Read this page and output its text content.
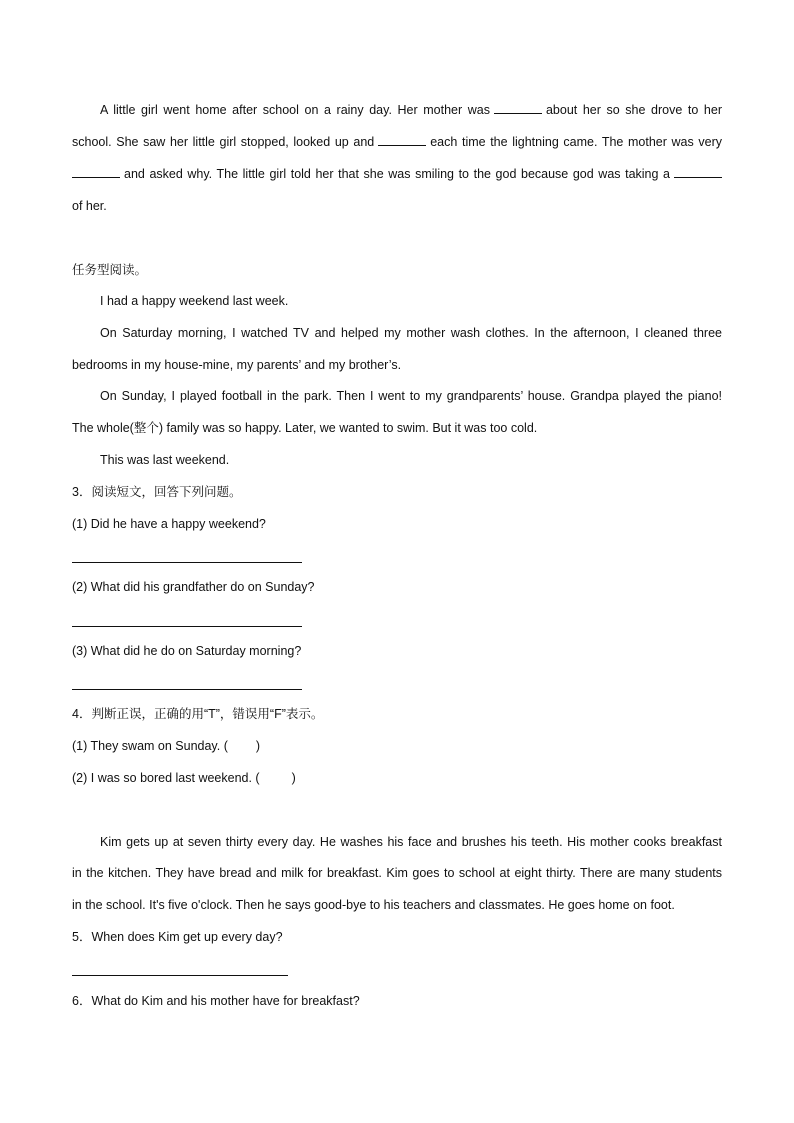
A little girl went home after school on a rainy day. Her mother was	about her so she drove to her
school. She saw her little girl stopped, looked up and	each time the lightning came. The mother was very
and asked why. The little girl told her that she was smiling to the god because god was taking a
of her.
任务型阅读。
I had a happy weekend last week.
On Saturday morning, I watched TV and helped my mother wash clothes. In the afternoon, I cleaned three
bedrooms in my house-mine, my parents’ and my brother’s.
On Sunday, I played football in the park. Then I went to my grandparents’ house. Grandpa played the piano!
The whole(整个) family was so happy. Later, we wanted to swim. But it was too cold.
This was last weekend.
3．阅读短文，回答下列问题。
(1) Did he have a happy weekend?
(2) What did his grandfather do on Sunday?
(3) What did he do on Saturday morning?
4．判断正误，正确的用“T”，错误用“F”表示。
(1) They swam on Sunday. ( )
(2) I was so bored last weekend. (	)
Kim gets up at seven thirty every day. He washes his face and brushes his teeth. His mother cooks breakfast
in the kitchen. They have bread and milk for breakfast. Kim goes to school at eight thirty. There are many students
in the school. It's five o'clock. Then he says good-bye to his teachers and classmates. He goes home on foot.
5．When does Kim get up every day?
6．What do Kim and his mother have for breakfast?
